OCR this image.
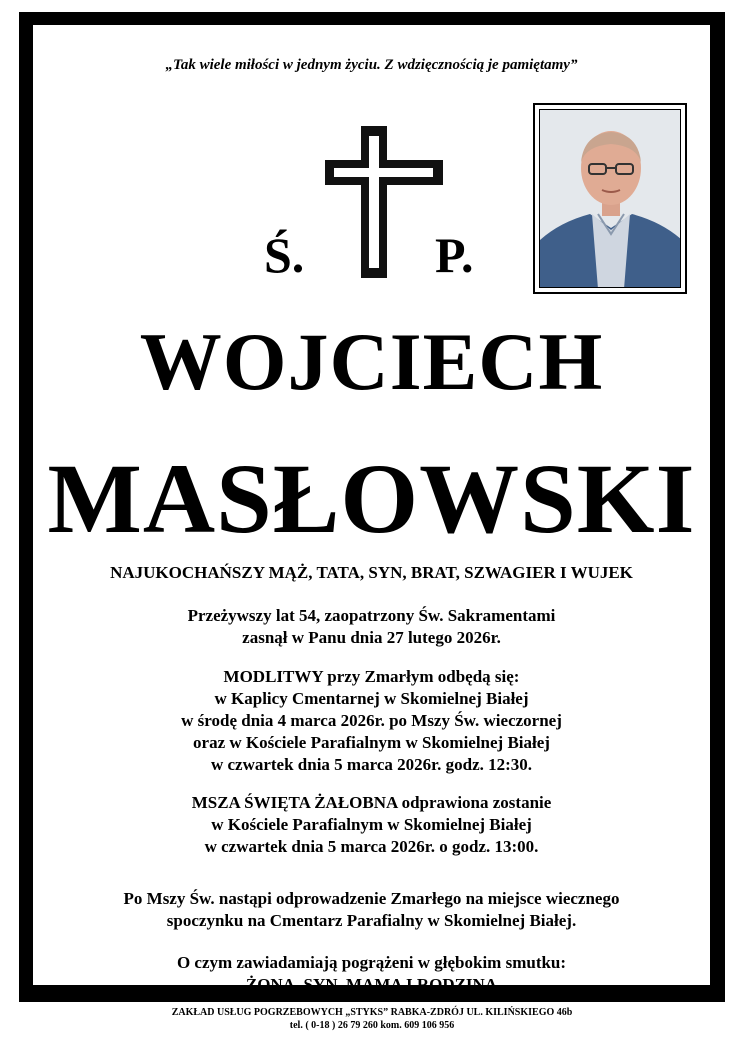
„Tak wiele miłości w jednym życiu. Z wdzięcznością je pamiętamy”
Ś.	P.
WOJCIECH
MASŁOWSKI
NAJUKOCHAŃSZY MĄŻ, TATA, SYN, BRAT, SZWAGIER I WUJEK
Przeżywszy lat 54, zaopatrzony Św. Sakramentami
zasnął w Panu dnia 27 lutego 2026r.
MODLITWY przy Zmarłym odbędą się:
w Kaplicy Cmentarnej w Skomielnej Białej
w środę dnia 4 marca 2026r. po Mszy Św. wieczornej
oraz w Kościele Parafialnym w Skomielnej Białej
w czwartek dnia 5 marca 2026r. godz. 12:30.
MSZA ŚWIĘTA ŻAŁOBNA odprawiona zostanie
w Kościele Parafialnym w Skomielnej Białej
w czwartek dnia 5 marca 2026r. o godz. 13:00.
Po Mszy Św. nastąpi odprowadzenie Zmarłego na miejsce wiecznego
spoczynku na Cmentarz Parafialny w Skomielnej Białej.
O czym zawiadamiają pogrążeni w głębokim smutku:
ŻONA, SYN, MAMA I RODZINA
ZAKŁAD USŁUG POGRZEBOWYCH „STYKS” RABKA-ZDRÓJ UL. KILIŃSKIEGO 46b
tel. ( 0-18 ) 26 79 260 kom. 609 106 956
